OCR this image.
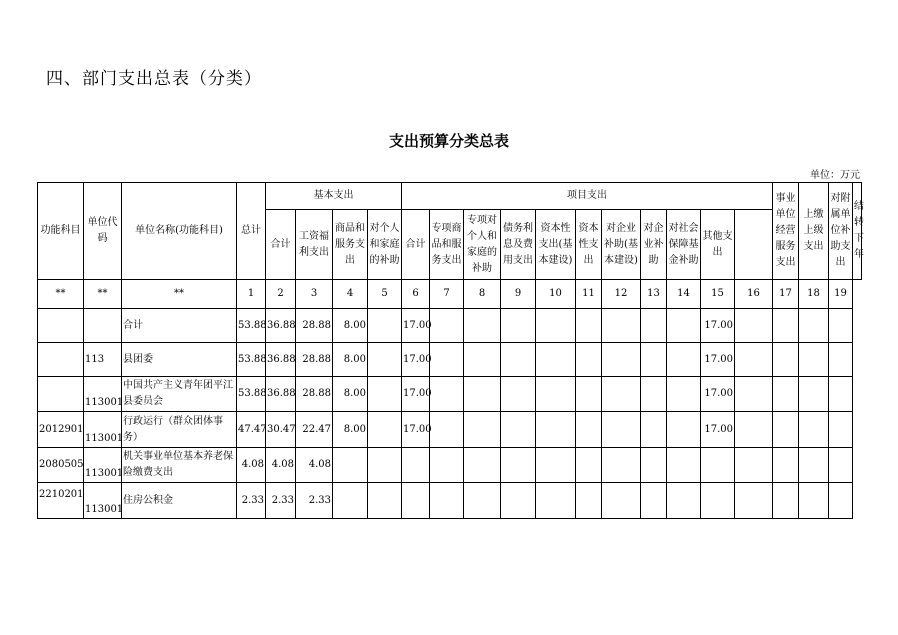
四、部门支出总表（分类）
支出预算分类总表
单位：万元
功能科目	单位代码	单位名称(功能科目)	总计	基本支出				项目支出											事业单位经营服务支出	上缴上级支出	对附属单位补助支出	结转下年
				合计	工资福利支出	商品和服务支出	对个人和家庭的补助	合计	专项商品和服务支出	专项对个人和家庭的补助	债务利息及费用支出	资本性支出(基本建设)	资本性支出	对企业补助(基本建设)	对企业补助	对社会保障基金补助	其他支出					
**	**	**	1	2	3	4	5	6	7	8	9	10	11	12	13	14	15	16	17	18	19	
		合计	53.88	36.88	28.88	8.00		17.00									17.00					
	113	县团委	53.88	36.88	28.88	8.00		17.00									17.00					
	113001	中国共产主义青年团平江县委员会	53.88	36.88	28.88	8.00		17.00									17.00					
2012901	113001	行政运行（群众团体事务）	47.47	30.47	22.47	8.00		17.00									17.00					
2080505	113001	机关事业单位基本养老保险缴费支出	4.08	4.08	4.08																	
2210201	113001	住房公积金	2.33	2.33	2.33																	
